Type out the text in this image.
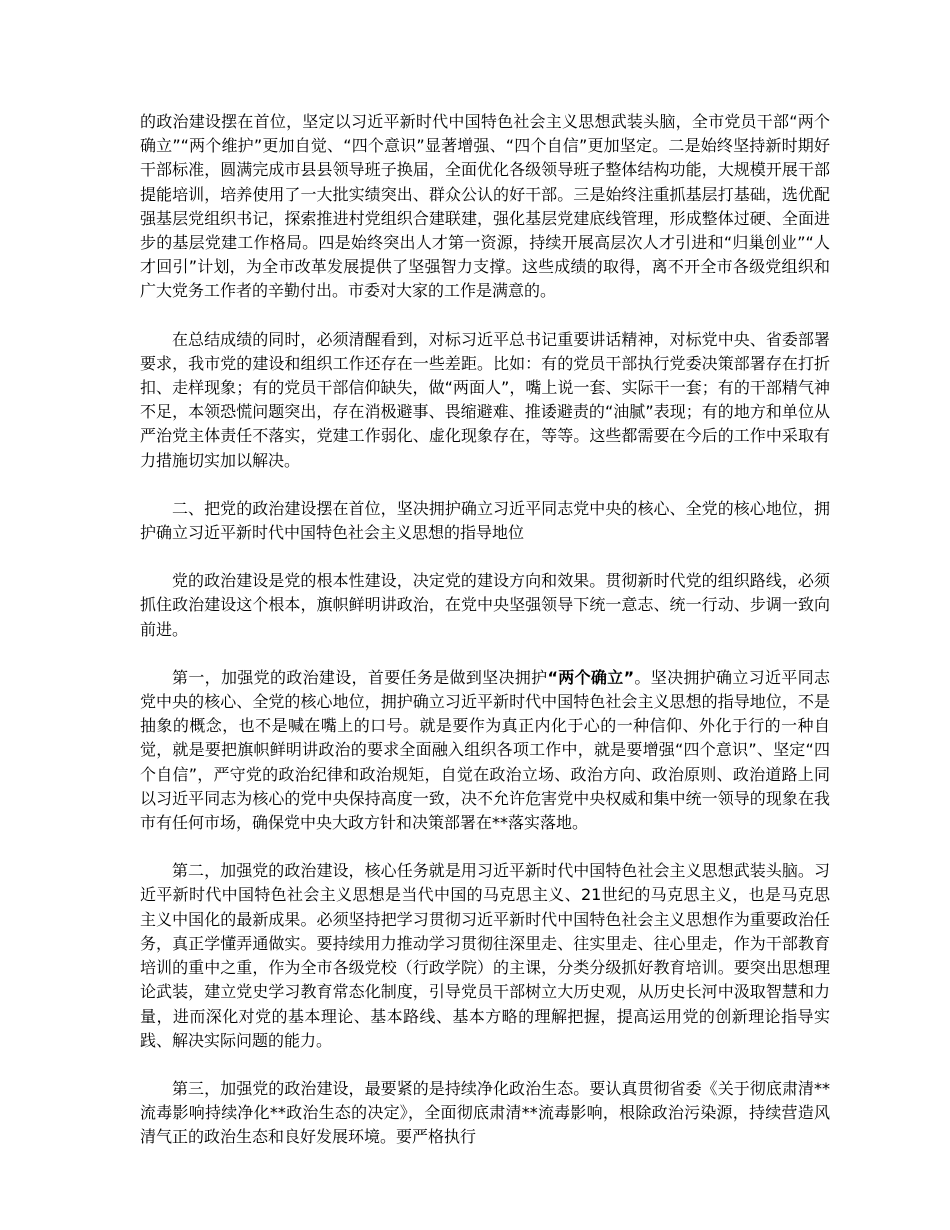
的政治建设摆在首位，坚定以习近平新时代中国特色社会主义思想武装头脑，全市党员干部“两个确立”“两个维护”更加自觉、“四个意识”显著增强、“四个自信”更加坚定。二是始终坚持新时期好干部标准，圆满完成市县县领导班子换届，全面优化各级领导班子整体结构功能，大规模开展干部提能培训，培养使用了一大批实绩突出、群众公认的好干部。三是始终注重抓基层打基础，选优配强基层党组织书记，探索推进村党组织合建联建，强化基层党建底线管理，形成整体过硬、全面进步的基层党建工作格局。四是始终突出人才第一资源，持续开展高层次人才引进和“归巢创业”“人才回引”计划，为全市改革发展提供了坚强智力支撑。这些成绩的取得，离不开全市各级党组织和广大党务工作者的辛勤付出。市委对大家的工作是满意的。

在总结成绩的同时，必须清醒看到，对标习近平总书记重要讲话精神，对标党中央、省委部署要求，我市党的建设和组织工作还存在一些差距。比如：有的党员干部执行党委决策部署存在打折扣、走样现象；有的党员干部信仰缺失，做“两面人”，嘴上说一套、实际干一套；有的干部精气神不足，本领恐慌问题突出，存在消极避事、畏缩避难、推诿避责的“油腻”表现；有的地方和单位从严治党主体责任不落实，党建工作弱化、虚化现象存在，等等。这些都需要在今后的工作中采取有力措施切实加以解决。

二、把党的政治建设摆在首位，坚决拥护确立习近平同志党中央的核心、全党的核心地位，拥护确立习近平新时代中国特色社会主义思想的指导地位

党的政治建设是党的根本性建设，决定党的建设方向和效果。贯彻新时代党的组织路线，必须抓住政治建设这个根本，旗帜鲜明讲政治，在党中央坚强领导下统一意志、统一行动、步调一致向前进。

第一，加强党的政治建设，首要任务是做到坚决拥护“两个确立”。坚决拥护确立习近平同志党中央的核心、全党的核心地位，拥护确立习近平新时代中国特色社会主义思想的指导地位，不是抽象的概念，也不是喊在嘴上的口号。就是要作为真正内化于心的一种信仰、外化于行的一种自觉，就是要把旗帜鲜明讲政治的要求全面融入组织各项工作中，就是要增强“四个意识”、坚定“四个自信”，严守党的政治纪律和政治规矩，自觉在政治立场、政治方向、政治原则、政治道路上同以习近平同志为核心的党中央保持高度一致，决不允许危害党中央权威和集中统一领导的现象在我市有任何市场，确保党中央大政方针和决策部署在**落实落地。

第二，加强党的政治建设，核心任务就是用习近平新时代中国特色社会主义思想武装头脑。习近平新时代中国特色社会主义思想是当代中国的马克思主义、21世纪的马克思主义，也是马克思主义中国化的最新成果。必须坚持把学习贯彻习近平新时代中国特色社会主义思想作为重要政治任务，真正学懂弄通做实。要持续用力推动学习贯彻往深里走、往实里走、往心里走，作为干部教育培训的重中之重，作为全市各级党校（行政学院）的主课，分类分级抓好教育培训。要突出思想理论武装，建立党史学习教育常态化制度，引导党员干部树立大历史观，从历史长河中汲取智慧和力量，进而深化对党的基本理论、基本路线、基本方略的理解把握，提高运用党的创新理论指导实践、解决实际问题的能力。

第三，加强党的政治建设，最要紧的是持续净化政治生态。要认真贯彻省委《关于彻底肃清**流毒影响持续净化**政治生态的决定》，全面彻底肃清**流毒影响，根除政治污染源，持续营造风清气正的政治生态和良好发展环境。要严格执行
